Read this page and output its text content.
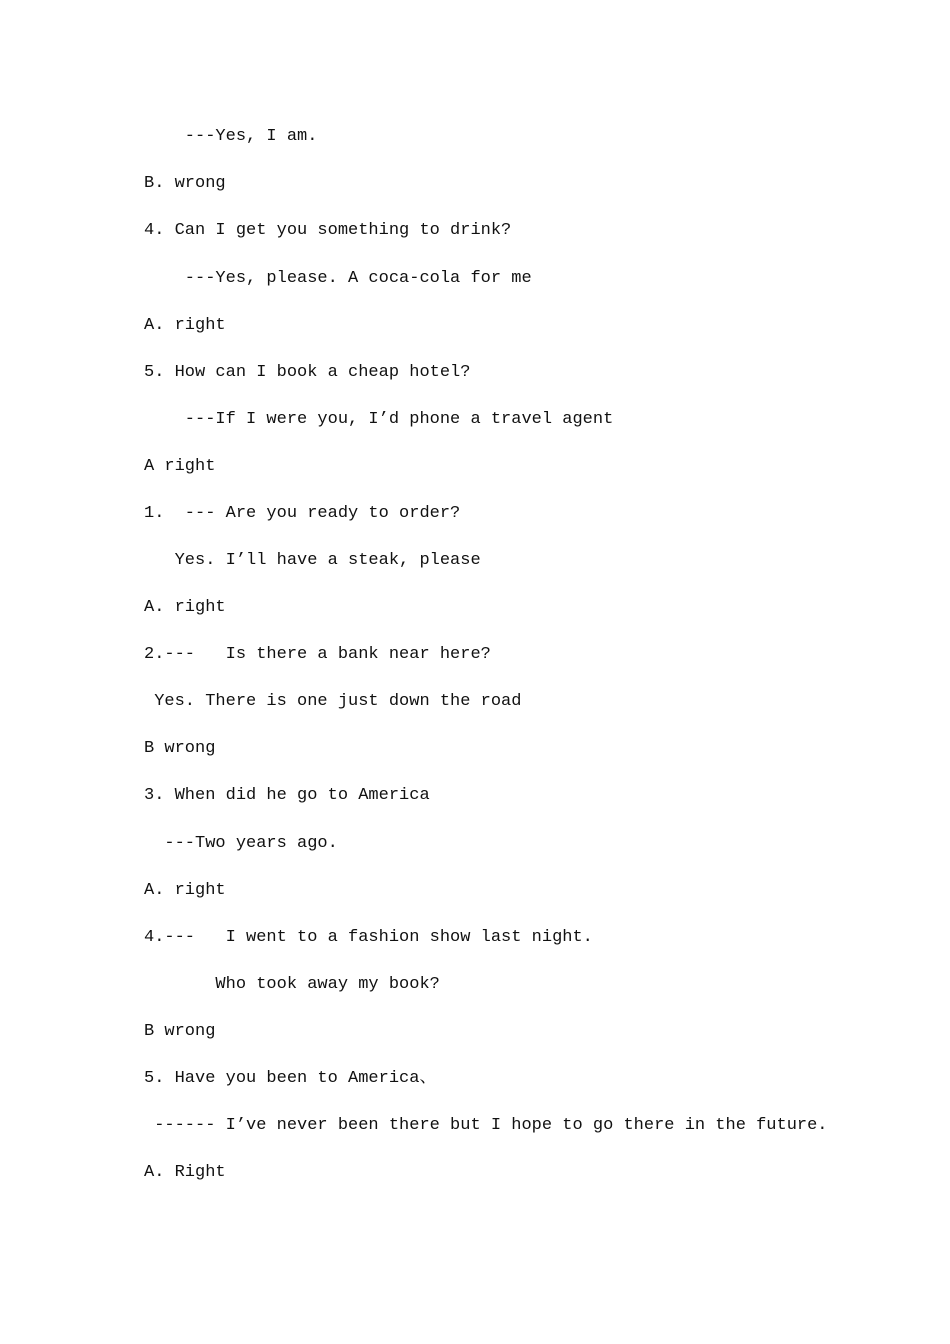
---Yes, I am.
B. wrong
4. Can I get you something to drink?
---Yes, please. A coca-cola for me
A. right
5. How can I book a cheap hotel?
---If I were you, I’d phone a travel agent
A right
1.  --- Are you ready to order?
Yes. I’ll have a steak, please
A. right
2.---   Is there a bank near here?
Yes. There is one just down the road
B wrong
3. When did he go to America
---Two years ago.
A. right
4.---   I went to a fashion show last night.
Who took away my book?
B wrong
5. Have you been to America、
------ I’ve never been there but I hope to go there in the future.
A. Right
